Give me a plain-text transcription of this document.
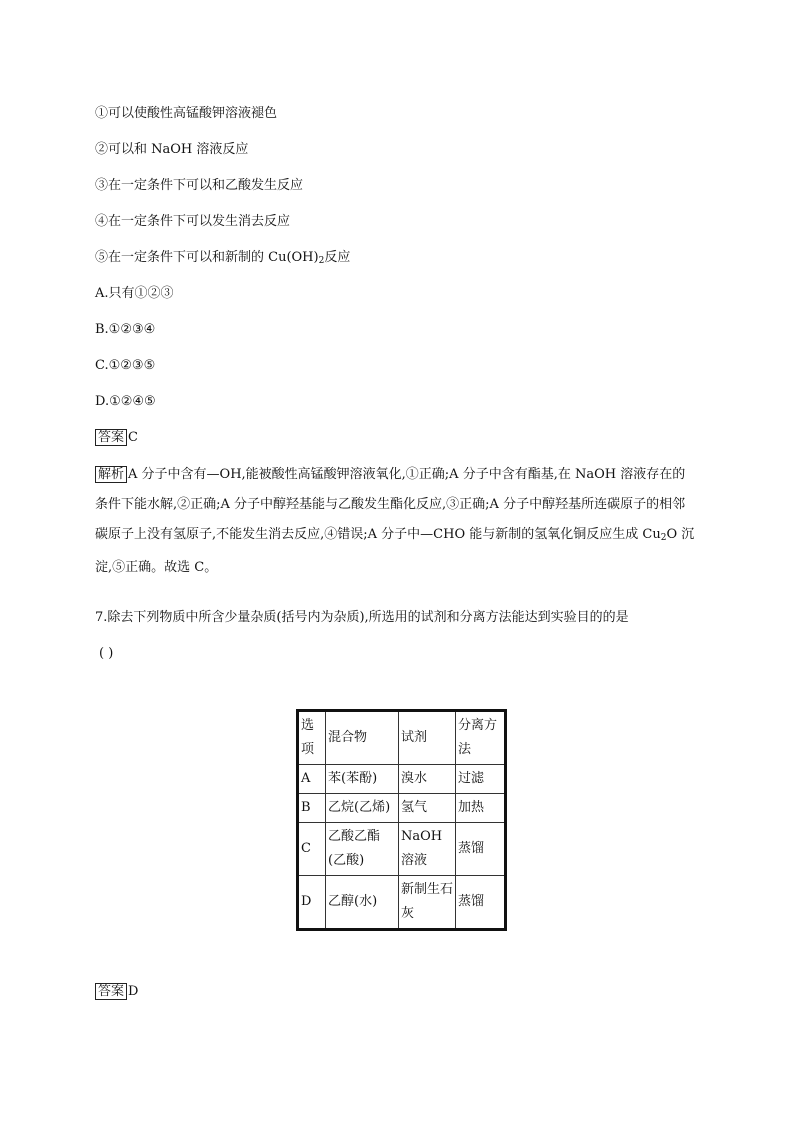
①可以使酸性高锰酸钾溶液褪色
②可以和 NaOH 溶液反应
③在一定条件下可以和乙酸发生反应
④在一定条件下可以发生消去反应
⑤在一定条件下可以和新制的 $Cu(OH)_2$反应
A.只有①②③
B.①②③④
C.①②③⑤
D.①②④⑤
答案 C
解析 A 分子中含有—OH,能被酸性高锰酸钾溶液氧化,①正确;A 分子中含有酯基,在 NaOH 溶液存在的条件下能水解,②正确;A 分子中醇羟基能与乙酸发生酯化反应,③正确;A 分子中醇羟基所连碳原子的相邻碳原子上没有氢原子,不能发生消去反应,④错误;A 分子中—CHO 能与新制的氢氧化铜反应生成 $Cu_2O$ 沉淀,⑤正确。故选 C。
7.除去下列物质中所含少量杂质(括号内为杂质),所选用的试剂和分离方法能达到实验目的的是
( )
选项	混合物	试剂	分离方法
A	苯(苯酚)	溴水	过滤
B	乙烷(乙烯)	氢气	加热
C	乙酸乙酯(乙酸)	NaOH 溶液	蒸馏
D	乙醇(水)	新制生石灰	蒸馏
答案 D
